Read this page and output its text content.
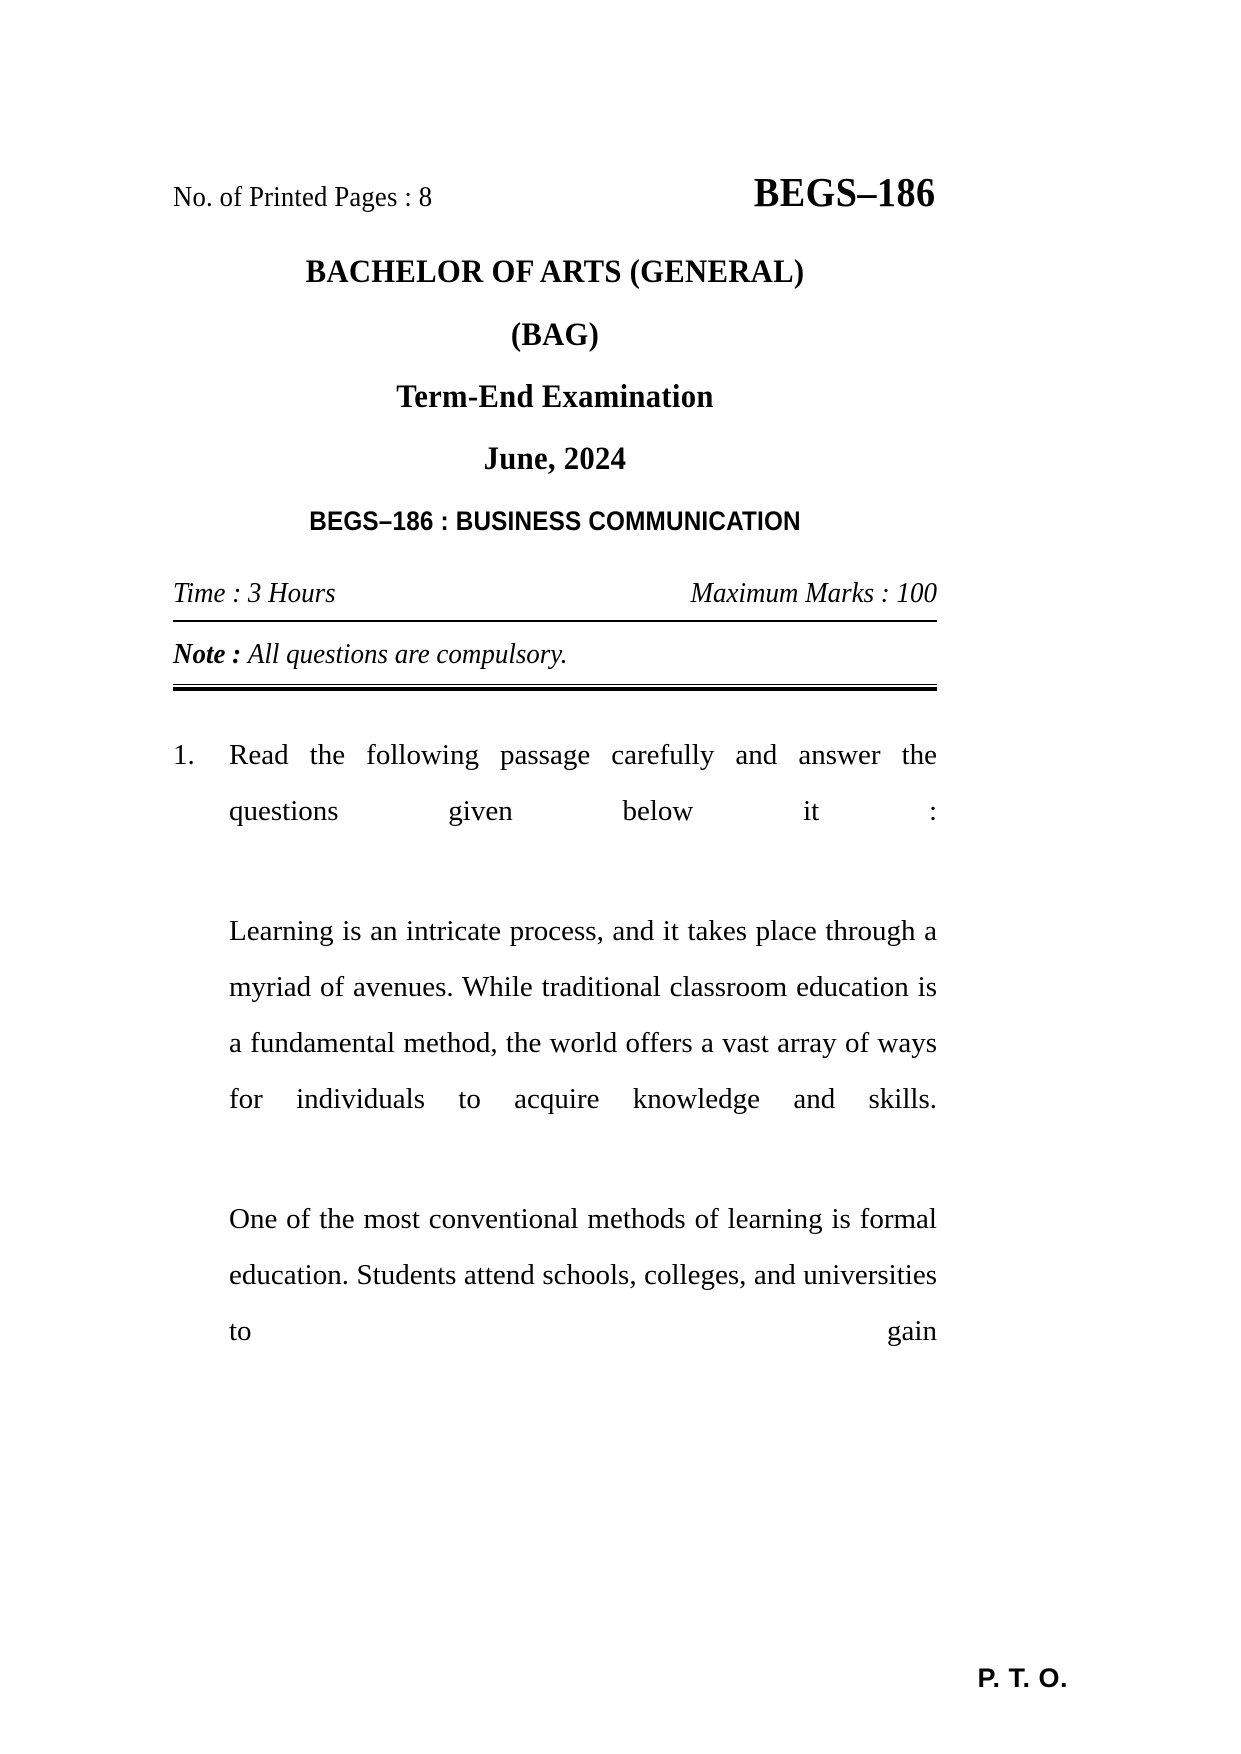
No. of Printed Pages : 8	BEGS–186
BACHELOR OF ARTS (GENERAL)
(BAG)
Term-End Examination
June, 2024
BEGS–186 : BUSINESS COMMUNICATION
Time : 3 Hours	Maximum Marks : 100
Note : All questions are compulsory.
1.	Read the following passage carefully and answer the questions given below it :

Learning is an intricate process, and it takes place through a myriad of avenues. While traditional classroom education is a fundamental method, the world offers a vast array of ways for individuals to acquire knowledge and skills.

One of the most conventional methods of learning is formal education. Students attend schools, colleges, and universities to gain

P. T. O.
